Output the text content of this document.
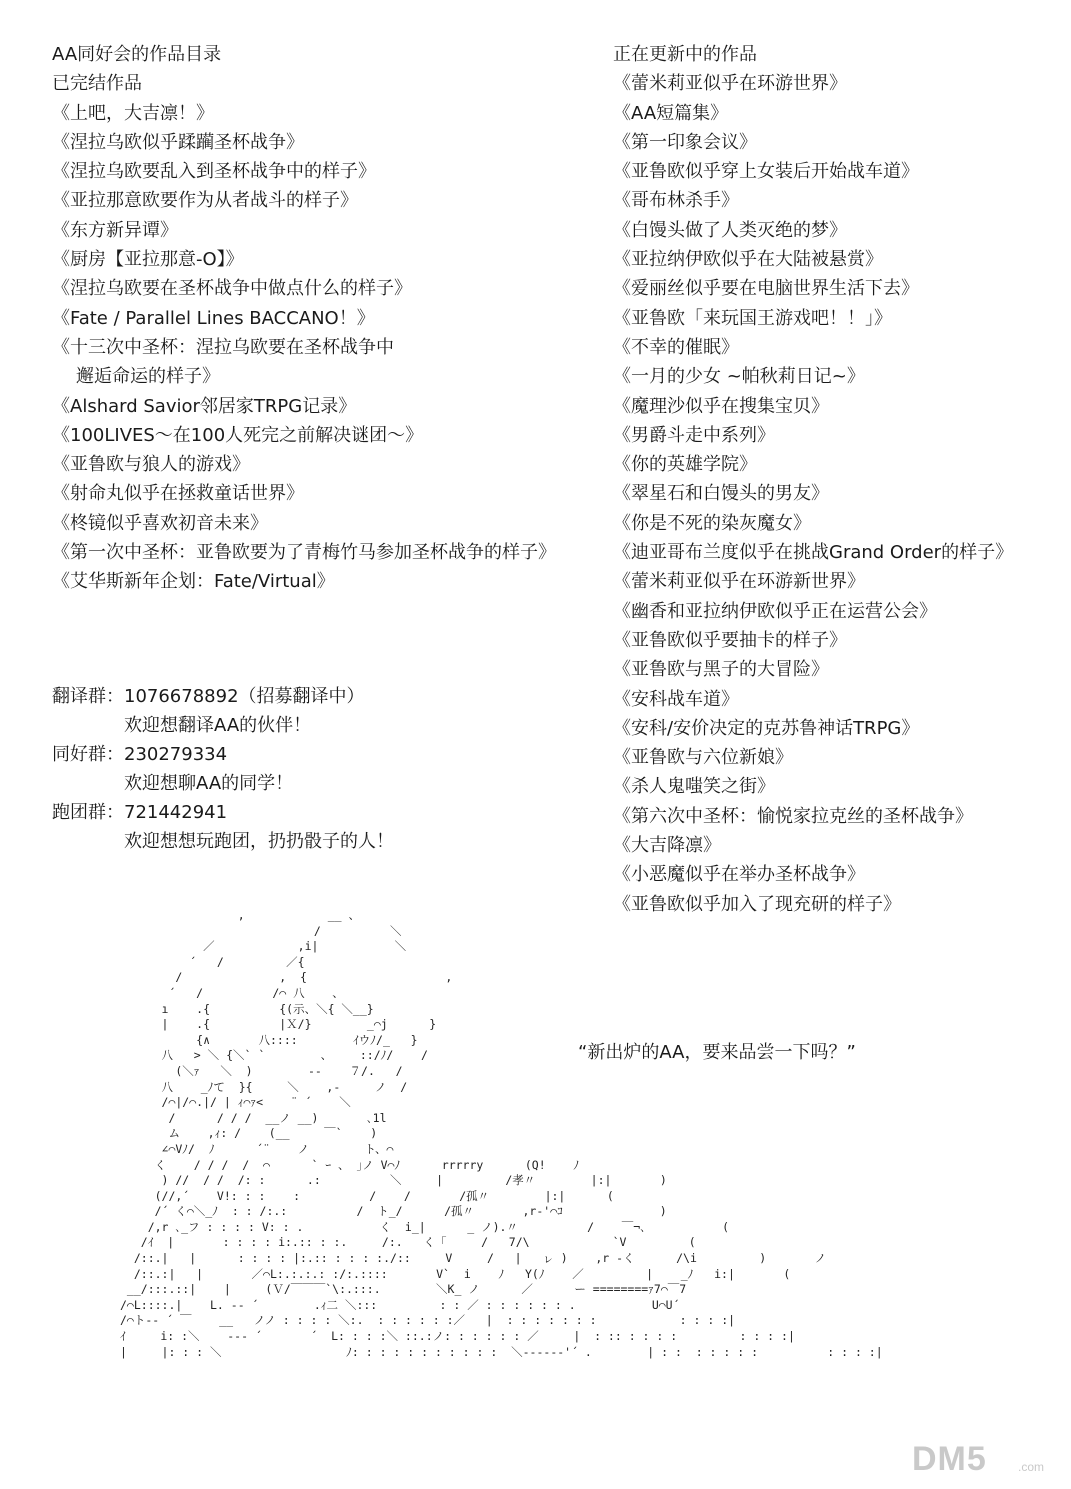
AA同好会的作品目录
已完结作品
《上吧，大吉凛！》
《涅拉乌欧似乎蹂躏圣杯战争》
《涅拉乌欧要乱入到圣杯战争中的样子》
《亚拉那意欧要作为从者战斗的样子》
《东方新异谭》
《厨房【亚拉那意-O】》
《涅拉乌欧要在圣杯战争中做点什么的样子》
《Fate / Parallel Lines BACCANO！》
《十三次中圣杯：涅拉乌欧要在圣杯战争中
邂逅命运的样子》
《Alshard Savior邻居家TRPG记录》
《100LIVES～在100人死完之前解决谜团～》
《亚鲁欧与狼人的游戏》
《射命丸似乎在拯救童话世界》
《柊镜似乎喜欢初音未来》
《第一次中圣杯：亚鲁欧要为了青梅竹马参加圣杯战争的样子》
《艾华斯新年企划：Fate/Virtual》
正在更新中的作品
《蕾米莉亚似乎在环游世界》
《AA短篇集》
《第一印象会议》
《亚鲁欧似乎穿上女装后开始战车道》
《哥布林杀手》
《白馒头做了人类灭绝的梦》
《亚拉纳伊欧似乎在大陆被悬赏》
《爱丽丝似乎要在电脑世界生活下去》
《亚鲁欧「来玩国王游戏吧！！」》
《不幸的催眠》
《一月的少女 ~帕秋莉日记~》
《魔理沙似乎在搜集宝贝》
《男爵斗走中系列》
《你的英雄学院》
《翠星石和白馒头的男友》
《你是不死的染灰魔女》
《迪亚哥布兰度似乎在挑战Grand Order的样子》
《蕾米莉亚似乎在环游新世界》
《幽香和亚拉纳伊欧似乎正在运营公会》
《亚鲁欧似乎要抽卡的样子》
《亚鲁欧与黑子的大冒险》
《安科战车道》
《安科/安价决定的克苏鲁神话TRPG》
《亚鲁欧与六位新娘》
《杀人鬼嗤笑之街》
《第六次中圣杯：愉悦家拉克丝的圣杯战争》
《大吉降凛》
《小恶魔似乎在举办圣杯战争》
《亚鲁欧似乎加入了现充研的样子》
翻译群： 1076678892（招募翻译中）
欢迎想翻译AA的伙伴！
同好群： 230279334
欢迎想聊AA的同学！
跑团群： 721442941
欢迎想想玩跑团，扔扔骰子的人！
,            __ 、
/          ＼
／            ,i|           ＼
´   /         ／{
/              ,  {                    ,
´   /          /⌒ 八    、
ı    .{          {(示、＼{ ＼__}
|    .{          |Ｘ/}        _⌒j      }
{∧       八::::        ｲウﾉ/_   }
八   > ＼ {＼` `        、    ::/ﾉ/    /
(＼ｧ   ＼  )        ‐‐    ７/.   /
八    _ﾉて  }{     ＼    ,-     ノ  /
/⌒|/⌒.|/ | ｨ⌒ｧ<    ¨ ´    ＼
/      / / /  __ノ __)       ､1l
ム    ,ｨ: /    (__     ￣`    )
∠⌒Vﾉ/  ﾉ      ´¨    ノ        ト、⌒
く    / / /  /  ⌒      ` ｰ 、 ｣ノ V⌒ﾉ      rrrrry      (Q!    ﾉ
) //  / /  /: :      .:          ＼     |         /孝〃        |:|       )
(//,´    V!: : :    :          /    /       /孤〃        |:|      (
/´ く⌒＼_ﾉ  : : /:.:          /  ト_/      /孤〃       ,r‐'⌒ｺ              )
/,r ､_フ : : : : V: : .           く  i_|      _ ノ).〃          /    ￣¬､           (
/ｲ  |       : : : : i:.:: : :.     /:.   く「     /   7/\            `V         (
/::.|   |      : : : : |:.:: : : : :./::     V     /   |   ㇾ )    ,r ‐く      /\i         )       ノ
/::.:|   |       ／⌒L:.:.:.: :/:.::::       V`  i    ﾉ   Y(ﾉ    ／         |    _ﾉ   i:|       (
__/:::.::|    |     (Ｖ/￣￣￣`\:.:::.        ＼K_ ノ      ／      ー ========ｧ7⌒￣7
/⌒L::::.|    L. -‐ ´        .ｨ二 ＼:::         : : ／ : : : : : : .           U⌒U´
/⌒ト-‐ ´ ￣    __   ノノ : : : : ＼:.  : : : : : :／   |  : : : : : : :            : : : :|
ｲ     i: :＼    ‐‐‐ ´       ´  L: : : :＼ ::.:ノ: : : : : : ／     |  : :: : : : :         : : : :|
|     |: : : ＼                  ﾉ: : : : : : : : : : :  ＼‐‐‐‐‐‐'´ .        | : :  : : : : :          : : : :|
“新出炉的AA，要来品尝一下吗？”
DM5	.com
